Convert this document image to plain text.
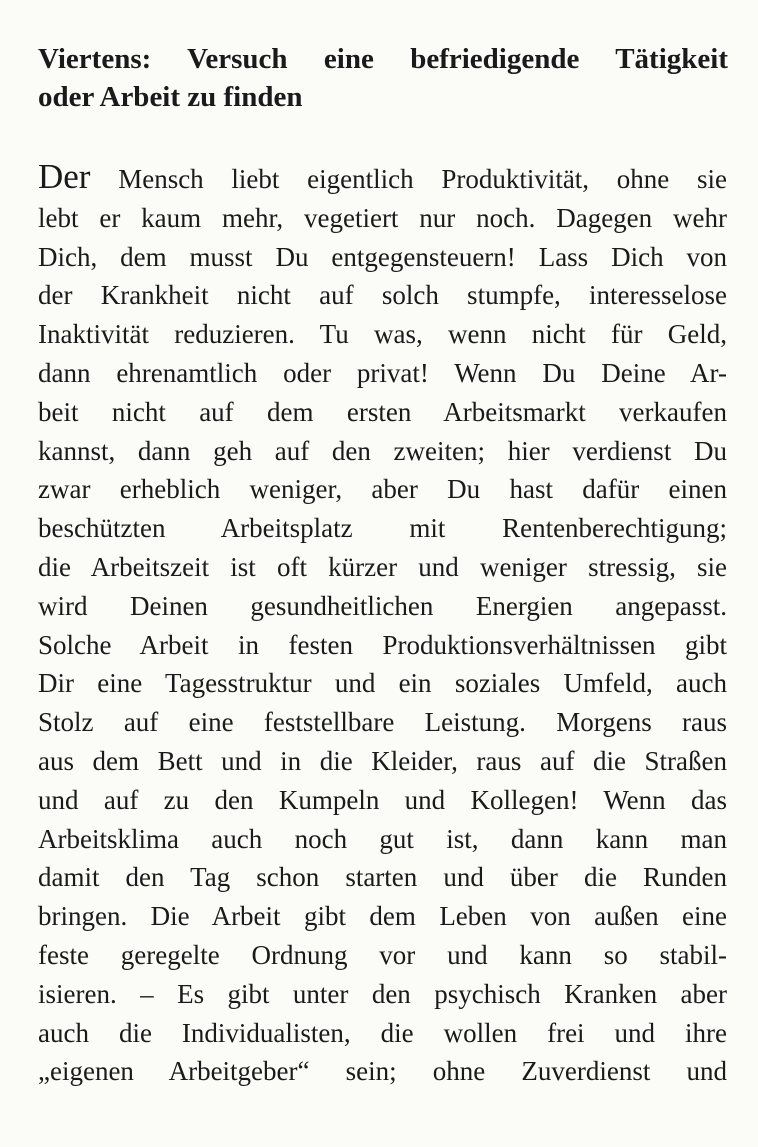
Viertens: Versuch eine befriedigende Tätigkeit
oder Arbeit zu finden
Der Mensch liebt eigentlich Produktivität, ohne sie
lebt er kaum mehr, vegetiert nur noch. Dagegen wehr
Dich, dem musst Du entgegensteuern! Lass Dich von
der Krankheit nicht auf solch stumpfe, interesselose
Inaktivität reduzieren. Tu was, wenn nicht für Geld,
dann ehrenamtlich oder privat! Wenn Du Deine Ar-
beit nicht auf dem ersten Arbeitsmarkt verkaufen
kannst, dann geh auf den zweiten; hier verdienst Du
zwar erheblich weniger, aber Du hast dafür einen
beschützten Arbeitsplatz mit Rentenberechtigung;
die Arbeitszeit ist oft kürzer und weniger stressig, sie
wird Deinen gesundheitlichen Energien angepasst.
Solche Arbeit in festen Produktionsverhältnissen gibt
Dir eine Tagesstruktur und ein soziales Umfeld, auch
Stolz auf eine feststellbare Leistung. Morgens raus
aus dem Bett und in die Kleider, raus auf die Straßen
und auf zu den Kumpeln und Kollegen! Wenn das
Arbeitsklima auch noch gut ist, dann kann man
damit den Tag schon starten und über die Runden
bringen. Die Arbeit gibt dem Leben von außen eine
feste geregelte Ordnung vor und kann so stabil-
isieren. – Es gibt unter den psychisch Kranken aber
auch die Individualisten, die wollen frei und ihre
„eigenen Arbeitgeber“ sein; ohne Zuverdienst und
